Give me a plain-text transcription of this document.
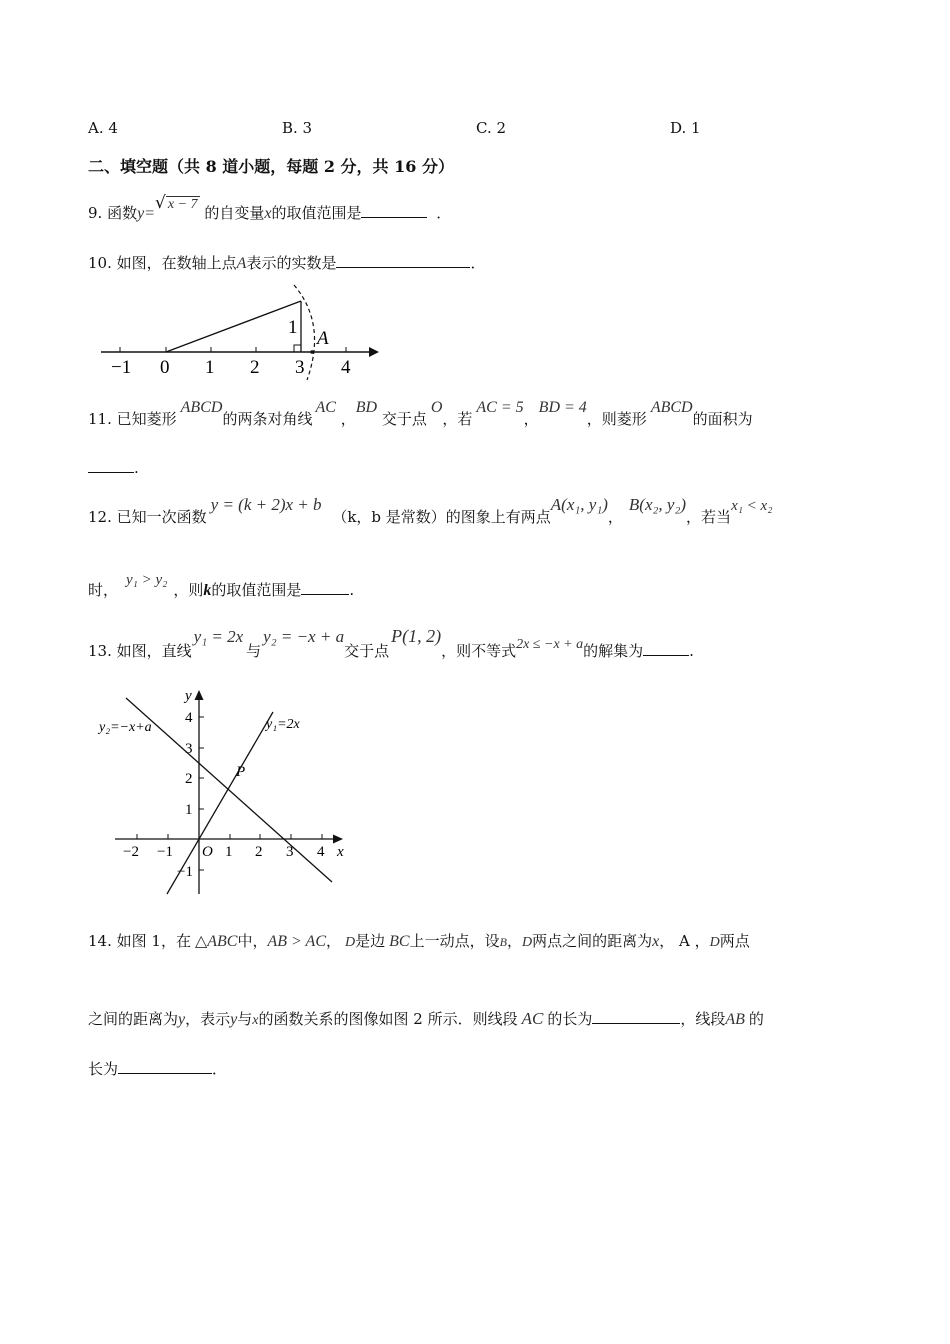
A. 4	B. 3	C. 2	D. 1
二、填空题（共 8 道小题，每题 2 分，共 16 分）
9. 函数y=√ x − 7 的自变量x的取值范围是	．
10. 如图，在数轴上点A表示的实数是	．
−1 0 1 2 3 4
1
A
11. 已知菱形ABCD的两条对角线AC ，BD 交于点O，若AC = 5，BD = 4，则菱形ABCD的面积为
.
12. 已知一次函数y = (k + 2)x + b （k，b 是常数）的图象上有两点A(x₁, y₁)，B(x₂, y₂)，若当x₁ < x₂
时，y₁ > y₂，则k的取值范围是	.
13. 如图，直线y₁ = 2x与y₂ = −x + a交于点P(1, 2)，则不等式2x ≤ −x + a的解集为	.
−2 −1	1 2 3 4
4
3
2
1
−1
O	x
y
P
y₁=2x
y₂=−x+a
14. 如图 1，在 △ABC中，AB > AC， D是边 BC上一动点，设B，D两点之间的距离为x， A ，D两点
之间的距离为y，表示y与x的函数关系的图像如图 2 所示．则线段 AC 的长为	，线段AB 的
长为	．
